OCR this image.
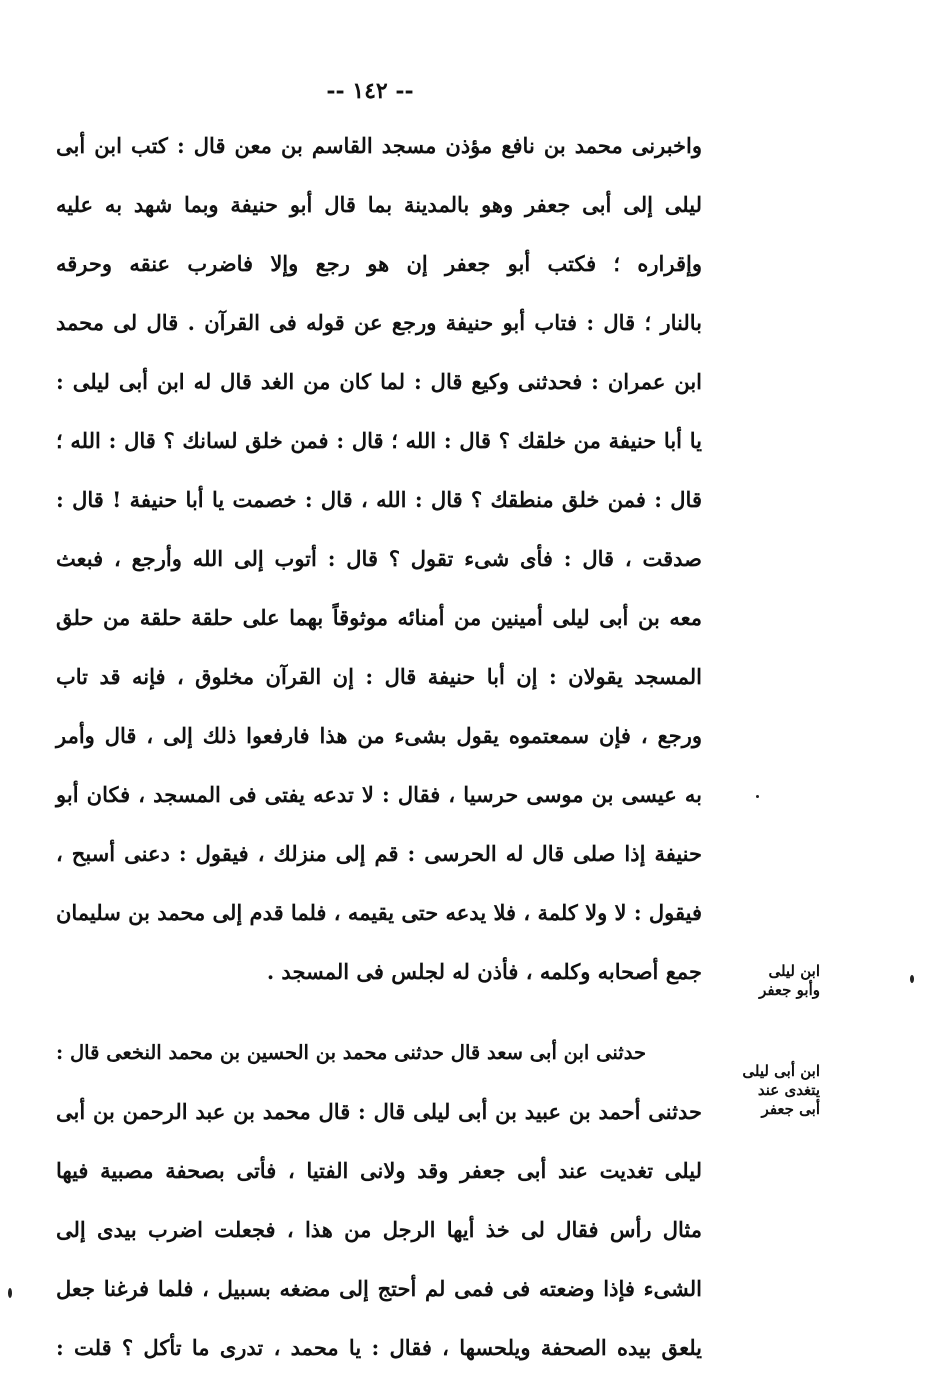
-- ١٤٢ --
واخبرنى محمد بن نافع مؤذن مسجد القاسم بن معن قال : كتب ابن أبى
ليلى إلى أبى جعفر وهو بالمدينة بما قال أبو حنيفة وبما شهد به عليه
وإقراره ؛ فكتب أبو جعفر إن هو رجع وإلا فاضرب عنقه وحرقه
بالنار ؛ قال : فتاب أبو حنيفة ورجع عن قوله فى القرآن . قال لى محمد
ابن عمران : فحدثنى وكيع قال : لما كان من الغد قال له ابن أبى ليلى :
يا أبا حنيفة من خلقك ؟ قال : الله ؛ قال : فمن خلق لسانك ؟ قال : الله ؛
قال : فمن خلق منطقك ؟ قال : الله ، قال : خصمت يا أبا حنيفة ! قال :
صدقت ، قال : فأى شىء تقول ؟ قال : أتوب إلى الله وأرجع ، فبعث
معه بن أبى ليلى أمينين من أمنائه موثوقاً بهما على حلقة حلقة من حلق
المسجد يقولان : إن أبا حنيفة قال : إن القرآن مخلوق ، فإنه قد تاب
ورجع ، فإن سمعتموه يقول بشىء من هذا فارفعوا ذلك إلى ، قال وأمر
به عيسى بن موسى حرسيا ، فقال : لا تدعه يفتى فى المسجد ، فكان أبو
حنيفة إذا صلى قال له الحرسى : قم إلى منزلك ، فيقول : دعنى أسبح ،
فيقول : لا ولا كلمة ، فلا يدعه حتى يقيمه ، فلما قدم إلى محمد بن سليمان
جمع أصحابه وكلمه ، فأذن له لجلس فى المسجد .
حدثنى ابن أبى سعد قال حدثنى محمد بن الحسين بن محمد النخعى قال :
حدثنى أحمد بن عبيد بن أبى ليلى قال : قال محمد بن عبد الرحمن بن أبى
ليلى تغديت عند أبى جعفر وقد ولانى الفتيا ، فأتى بصحفة مصبية فيها
مثال رأس فقال لى خذ أيها الرجل من هذا ، فجعلت اضرب بيدى إلى
الشىء فإذا وضعته فى فمى لم أحتج إلى مضغه بسبيل ، فلما فرغنا جعل
يلعق بيده الصحفة ويلحسها ، فقال : يا محمد ، تدرى ما تأكل ؟ قلت :
ابن ليلى
وأبو جعفر
ابن أبى ليلى
يتغدى عند
أبى جعفر
